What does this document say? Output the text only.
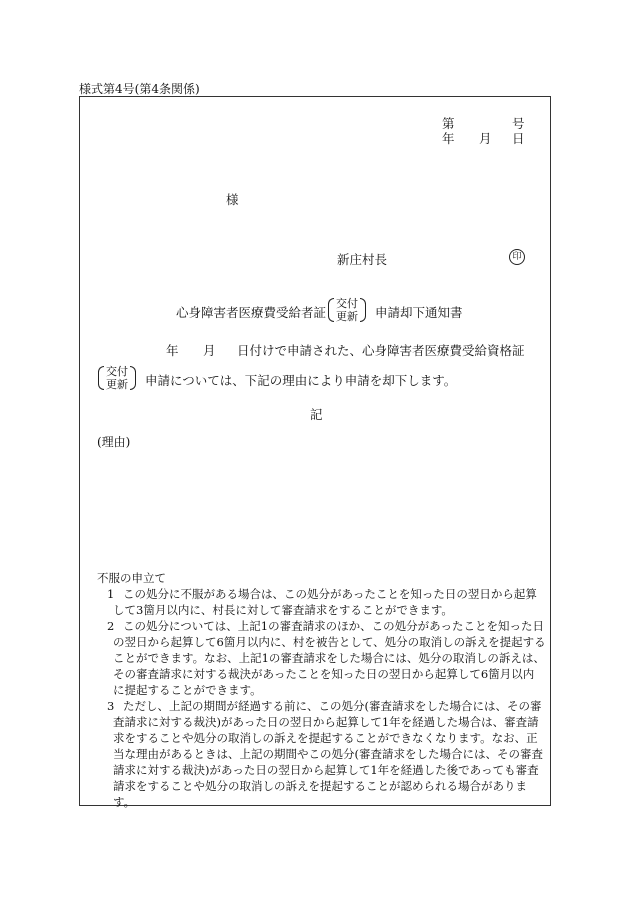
様式第4号(第4条関係)
第	号
年 月 日
様
新庄村長	印
心身障害者医療費受給者証
交付
更新 申請却下通知書
年 月 日付けで申請された、心身障害者医療費受給資格証
交付
更新 申請については、下記の理由により申請を却下します。
記
(理由)
不服の申立て
1 この処分に不服がある場合は、この処分があったことを知った日の翌日から起算
して3箇月以内に、村長に対して審査請求をすることができます。
2 この処分については、上記1の審査請求のほか、この処分があったことを知った日
の翌日から起算して6箇月以内に、村を被告として、処分の取消しの訴えを提起する
ことができます。なお、上記1の審査請求をした場合には、処分の取消しの訴えは、
その審査請求に対する裁決があったことを知った日の翌日から起算して6箇月以内
に提起することができます。
3 ただし、上記の期間が経過する前に、この処分(審査請求をした場合には、その審
査請求に対する裁決)があった日の翌日から起算して1年を経過した場合は、審査請
求をすることや処分の取消しの訴えを提起することができなくなります。なお、正
当な理由があるときは、上記の期間やこの処分(審査請求をした場合には、その審査
請求に対する裁決)があった日の翌日から起算して1年を経過した後であっても審査
請求をすることや処分の取消しの訴えを提起することが認められる場合がありま
す。
